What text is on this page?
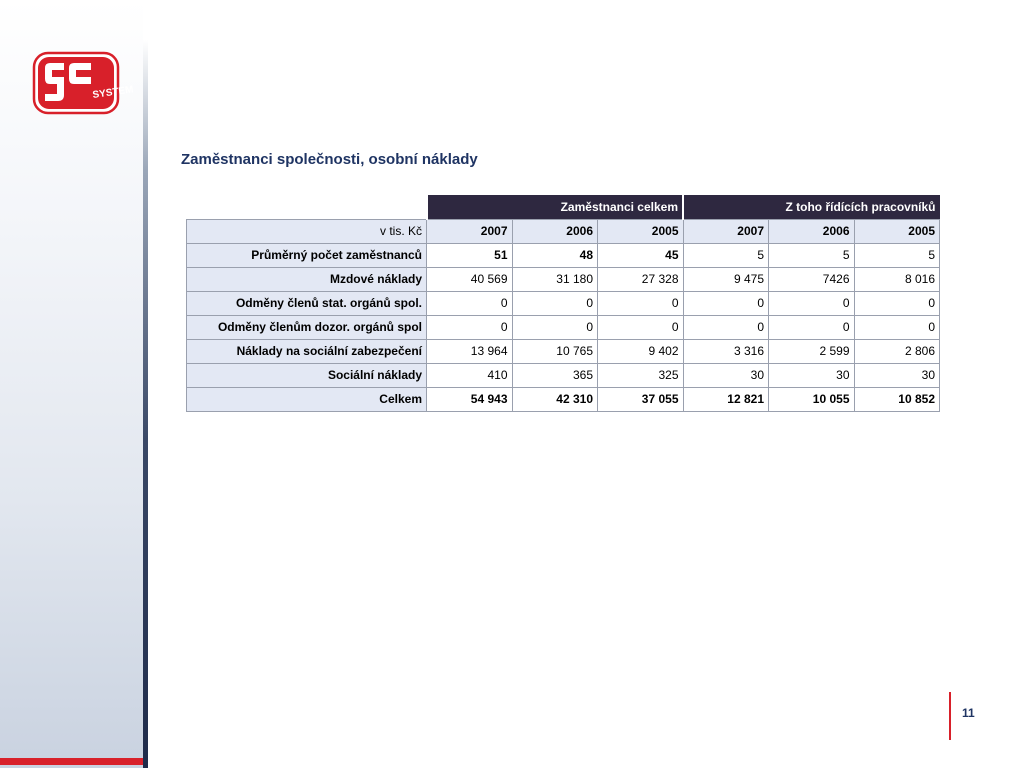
SYSTEM
Zaměstnanci společnosti, osobní náklady
	Zaměstnanci celkem			Z toho řídících pracovníků		
v tis. Kč	2007	2006	2005	2007	2006	2005
Průměrný počet zaměstnanců	51	48	45	5	5	5
Mzdové náklady	40 569	31 180	27 328	9 475	7426	8 016
Odměny členů stat. orgánů spol.	0	0	0	0	0	0
Odměny členům dozor. orgánů spol	0	0	0	0	0	0
Náklady na sociální zabezpečení	13 964	10 765	9 402	3 316	2 599	2 806
Sociální náklady	410	365	325	30	30	30
Celkem	54 943	42 310	37 055	12 821	10 055	10 852
11
